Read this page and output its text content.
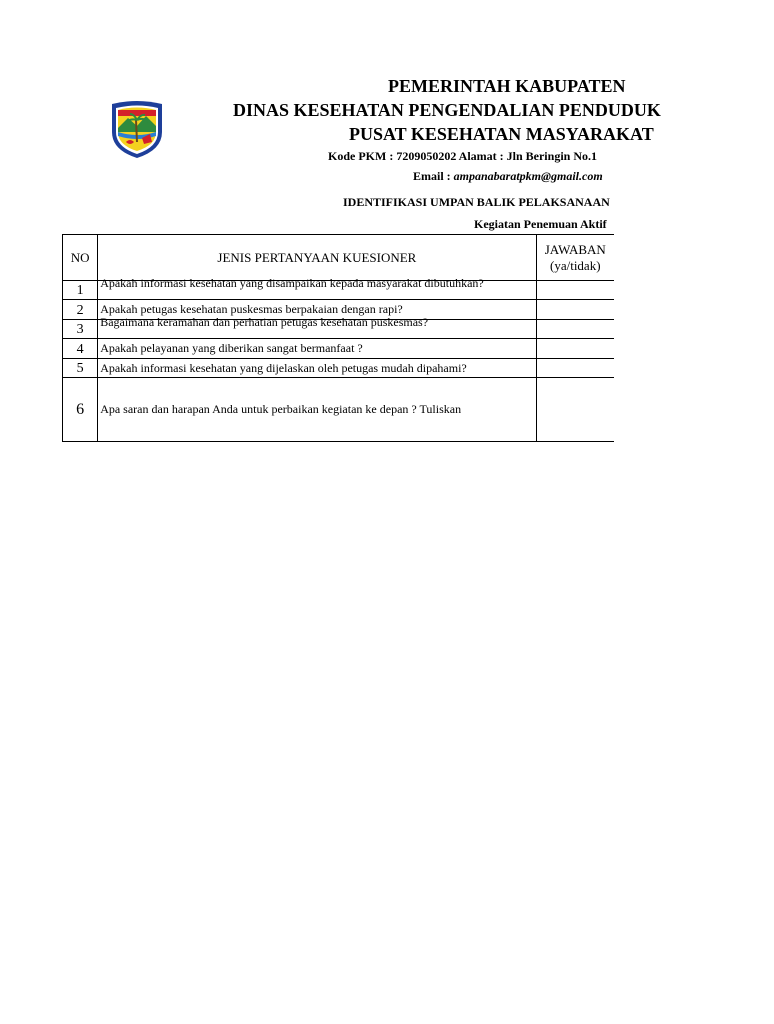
PEMERINTAH KABUPATEN
DINAS KESEHATAN PENGENDALIAN PENDUDUK
PUSAT KESEHATAN MASYARAKAT
Kode PKM : 7209050202 Alamat : Jln Beringin No.1
Email : ampanabaratpkm@gmail.com
IDENTIFIKASI UMPAN BALIK PELAKSANAAN
Kegiatan Penemuan Aktif
NO	JENIS PERTANYAAN KUESIONER	JAWABAN
(ya/tidak)

1	Apakah informasi kesehatan yang disampaikan kepada masyarakat dibutuhkan?	

2	Apakah petugas kesehatan puskesmas berpakaian dengan rapi?	
3	Bagaimana keramahan dan perhatian petugas kesehatan puskesmas?	

4	Apakah pelayanan yang diberikan sangat bermanfaat ?	
5	Apakah informasi kesehatan yang dijelaskan oleh petugas mudah dipahami?	
6	Apa saran dan harapan Anda untuk perbaikan kegiatan ke depan ? Tuliskan	
